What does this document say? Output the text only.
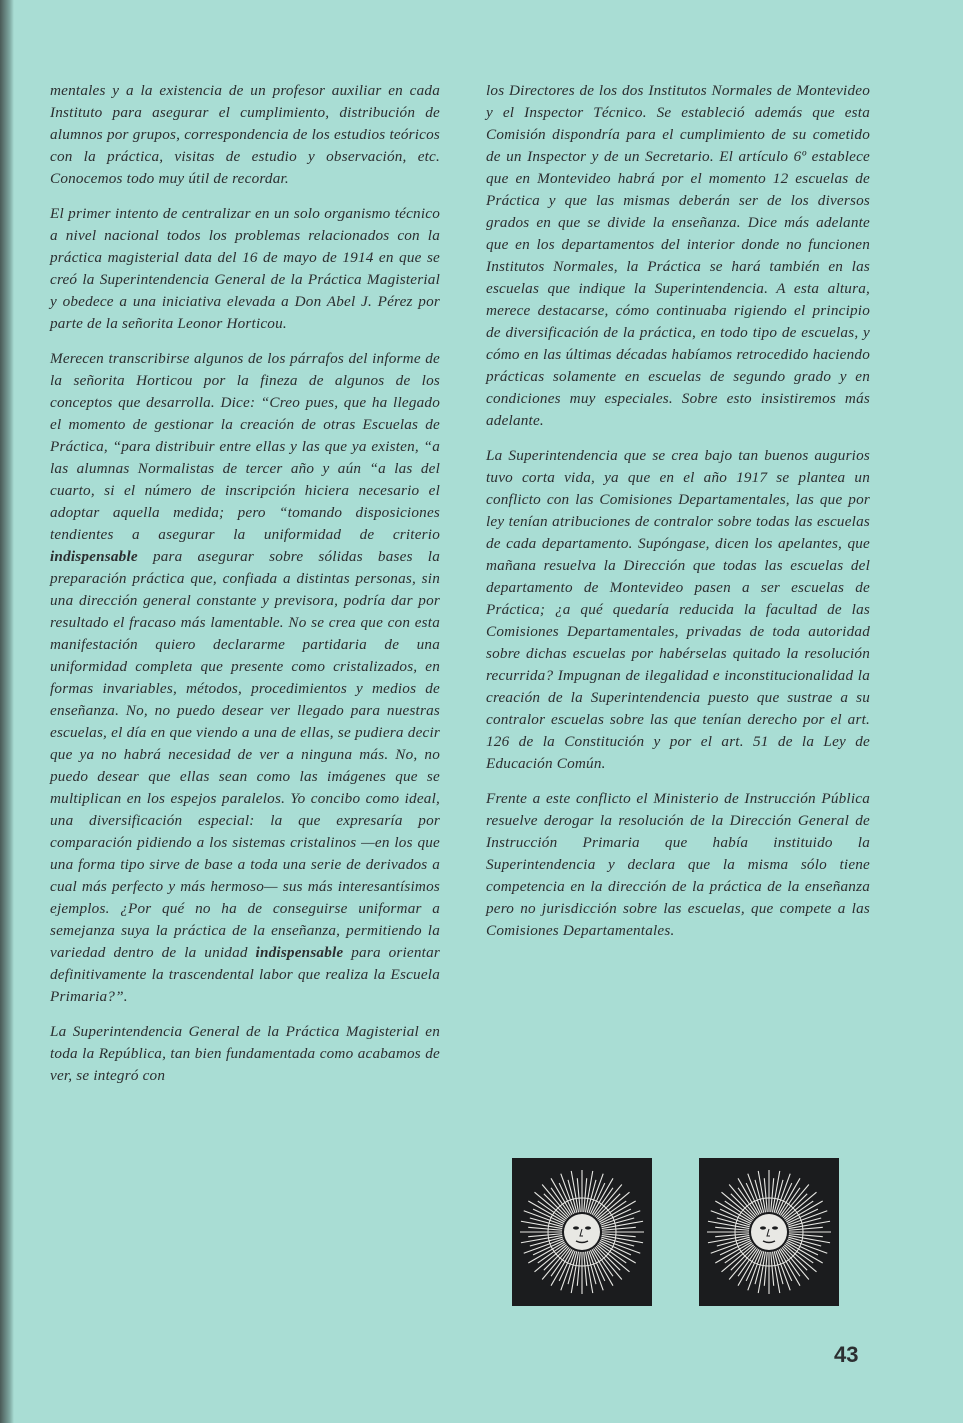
mentales y a la existencia de un profesor auxiliar en cada Instituto para asegurar el cumplimiento, distribución de alumnos por grupos, correspondencia de los estudios teóricos con la práctica, visitas de estudio y observación, etc. Conocemos todo muy útil de recordar.

El primer intento de centralizar en un solo organismo técnico a nivel nacional todos los problemas relacionados con la práctica magisterial data del 16 de mayo de 1914 en que se creó la Superintendencia General de la Práctica Magisterial y obedece a una iniciativa elevada a Don Abel J. Pérez por parte de la señorita Leonor Horticou.

Merecen transcribirse algunos de los párrafos del informe de la señorita Horticou por la fineza de algunos de los conceptos que desarrolla. Dice: “Creo pues, que ha llegado el momento de gestionar la creación de otras Escuelas de Práctica, “para distribuir entre ellas y las que ya existen, “a las alumnas Normalistas de tercer año y aún “a las del cuarto, si el número de inscripción hiciera necesario el adoptar aquella medida; pero “tomando disposiciones tendientes a asegurar la uniformidad de criterio indispensable para asegurar sobre sólidas bases la preparación práctica que, confiada a distintas personas, sin una dirección general constante y previsora, podría dar por resultado el fracaso más lamentable. No se crea que con esta manifestación quiero declararme partidaria de una uniformidad completa que presente como cristalizados, en formas invariables, métodos, procedimientos y medios de enseñanza. No, no puedo desear ver llegado para nuestras escuelas, el día en que viendo a una de ellas, se pudiera decir que ya no habrá necesidad de ver a ninguna más. No, no puedo desear que ellas sean como las imágenes que se multiplican en los espejos paralelos. Yo concibo como ideal, una diversificación especial: la que expresaría por comparación pidiendo a los sistemas cristalinos —en los que una forma tipo sirve de base a toda una serie de derivados a cual más perfecto y más hermoso— sus más interesantísimos ejemplos. ¿Por qué no ha de conseguirse uniformar a semejanza suya la práctica de la enseñanza, permitiendo la variedad dentro de la unidad indispensable para orientar definitivamente la trascendental labor que realiza la Escuela Primaria?”.

La Superintendencia General de la Práctica Magisterial en toda la República, tan bien fundamentada como acabamos de ver, se integró con

los Directores de los dos Institutos Normales de Montevideo y el Inspector Técnico. Se estableció además que esta Comisión dispondría para el cumplimiento de su cometido de un Inspector y de un Secretario. El artículo 6º establece que en Montevideo habrá por el momento 12 escuelas de Práctica y que las mismas deberán ser de los diversos grados en que se divide la enseñanza. Dice más adelante que en los departamentos del interior donde no funcionen Institutos Normales, la Práctica se hará también en las escuelas que indique la Superintendencia. A esta altura, merece destacarse, cómo continuaba rigiendo el principio de diversificación de la práctica, en todo tipo de escuelas, y cómo en las últimas décadas habíamos retrocedido haciendo prácticas solamente en escuelas de segundo grado y en condiciones muy especiales. Sobre esto insistiremos más adelante.

La Superintendencia que se crea bajo tan buenos augurios tuvo corta vida, ya que en el año 1917 se plantea un conflicto con las Comisiones Departamentales, las que por ley tenían atribuciones de contralor sobre todas las escuelas de cada departamento. Supóngase, dicen los apelantes, que mañana resuelva la Dirección que todas las escuelas del departamento de Montevideo pasen a ser escuelas de Práctica; ¿a qué quedaría reducida la facultad de las Comisiones Departamentales, privadas de toda autoridad sobre dichas escuelas por habérselas quitado la resolución recurrida? Impugnan de ilegalidad e inconstitucionalidad la creación de la Superintendencia puesto que sustrae a su contralor escuelas sobre las que tenían derecho por el art. 126 de la Constitución y por el art. 51 de la Ley de Educación Común.

Frente a este conflicto el Ministerio de Instrucción Pública resuelve derogar la resolución de la Dirección General de Instrucción Primaria que había instituido la Superintendencia y declara que la misma sólo tiene competencia en la dirección de la práctica de la enseñanza pero no jurisdicción sobre las escuelas, que compete a las Comisiones Departamentales.

43
